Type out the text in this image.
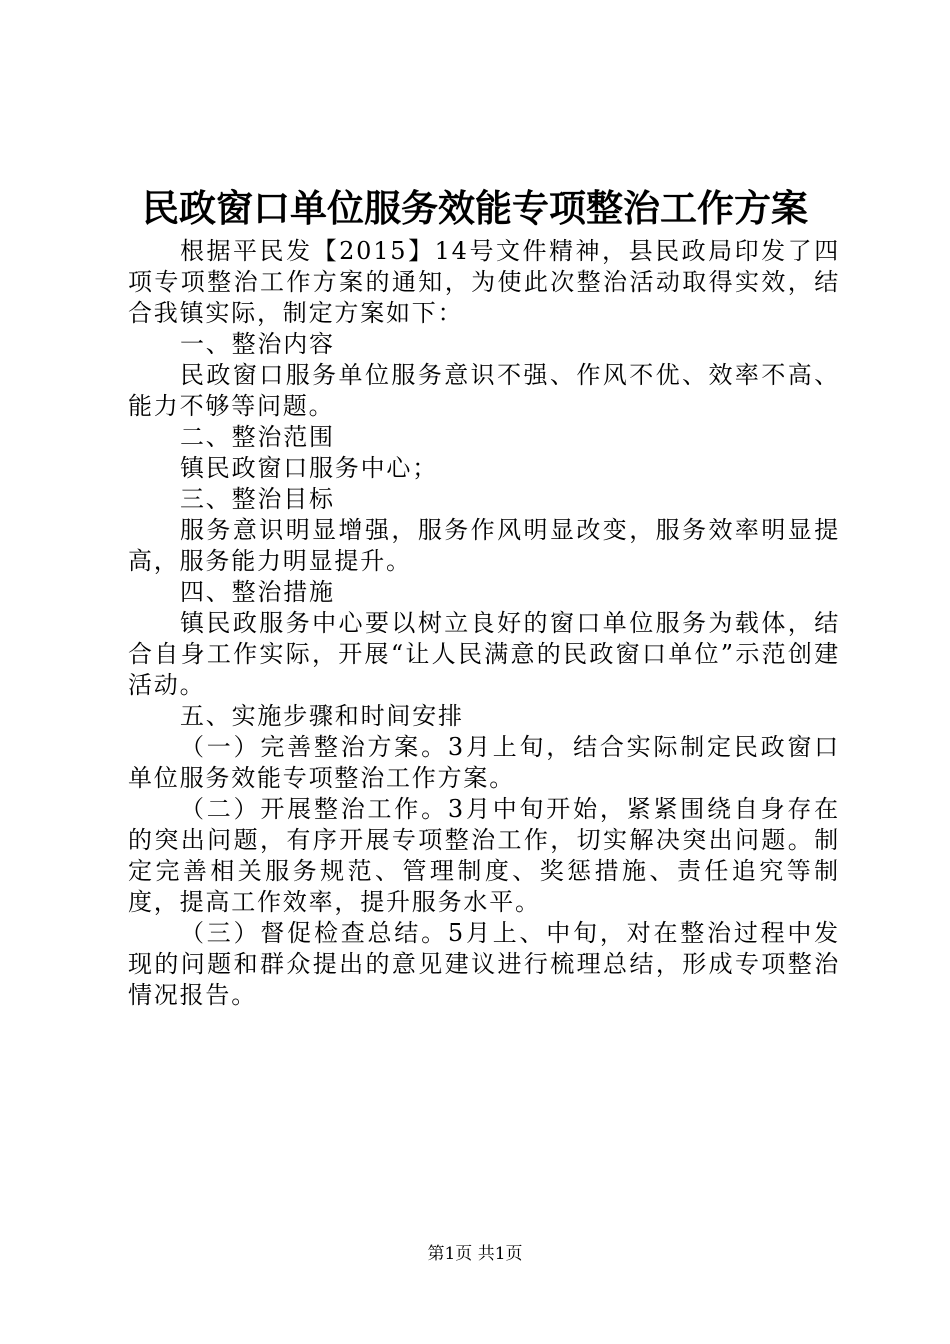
民政窗口单位服务效能专项整治工作方案

根据平民发【2015】14号文件精神，县民政局印发了四项专项整治工作方案的通知，为使此次整治活动取得实效，结合我镇实际，制定方案如下：

一、整治内容

民政窗口服务单位服务意识不强、作风不优、效率不高、能力不够等问题。

二、整治范围

镇民政窗口服务中心；

三、整治目标

服务意识明显增强，服务作风明显改变，服务效率明显提高，服务能力明显提升。

四、整治措施

镇民政服务中心要以树立良好的窗口单位服务为载体，结合自身工作实际，开展“让人民满意的民政窗口单位”示范创建活动。

五、实施步骤和时间安排

（一）完善整治方案。3月上旬，结合实际制定民政窗口单位服务效能专项整治工作方案。

（二）开展整治工作。3月中旬开始，紧紧围绕自身存在的突出问题，有序开展专项整治工作，切实解决突出问题。制定完善相关服务规范、管理制度、奖惩措施、责任追究等制度，提高工作效率，提升服务水平。

（三）督促检查总结。5月上、中旬，对在整治过程中发现的问题和群众提出的意见建议进行梳理总结，形成专项整治情况报告。

第1页 共1页
